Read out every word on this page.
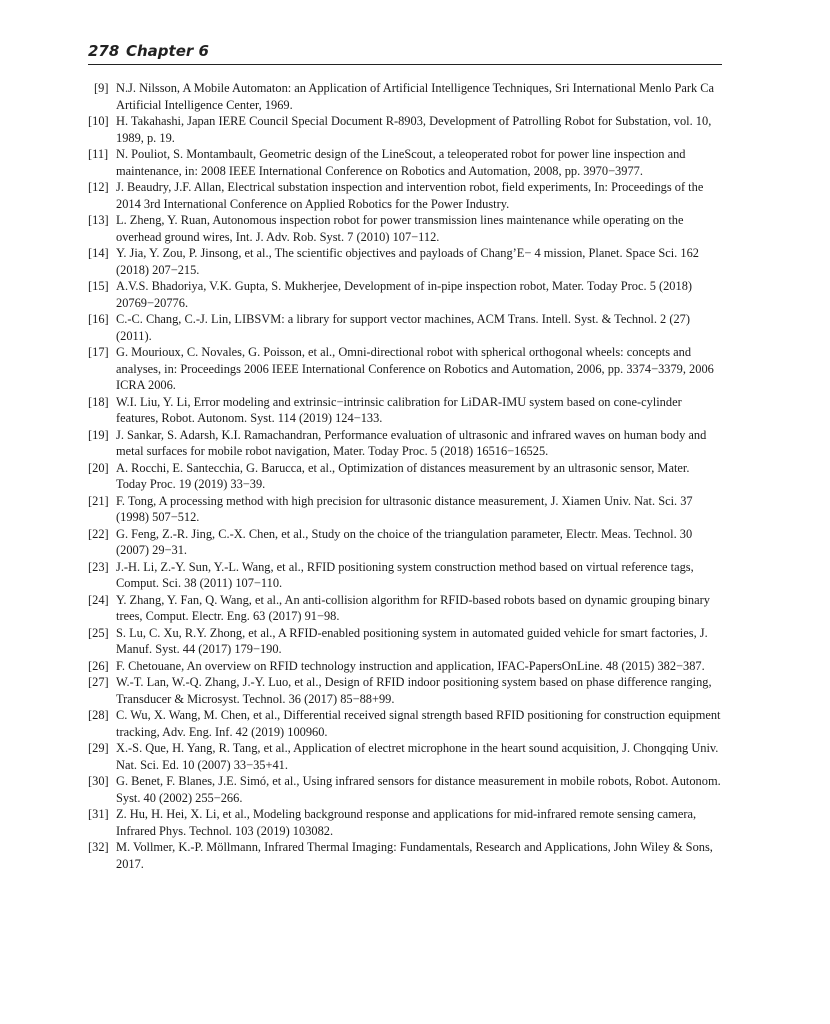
278 Chapter 6
[9] N.J. Nilsson, A Mobile Automaton: an Application of Artificial Intelligence Techniques, Sri International Menlo Park Ca Artificial Intelligence Center, 1969.
[10] H. Takahashi, Japan IERE Council Special Document R-8903, Development of Patrolling Robot for Substation, vol. 10, 1989, p. 19.
[11] N. Pouliot, S. Montambault, Geometric design of the LineScout, a teleoperated robot for power line inspection and maintenance, in: 2008 IEEE International Conference on Robotics and Automation, 2008, pp. 3970−3977.
[12] J. Beaudry, J.F. Allan, Electrical substation inspection and intervention robot, field experiments, In: Proceedings of the 2014 3rd International Conference on Applied Robotics for the Power Industry.
[13] L. Zheng, Y. Ruan, Autonomous inspection robot for power transmission lines maintenance while operating on the overhead ground wires, Int. J. Adv. Rob. Syst. 7 (2010) 107−112.
[14] Y. Jia, Y. Zou, P. Jinsong, et al., The scientific objectives and payloads of Chang’E− 4 mission, Planet. Space Sci. 162 (2018) 207−215.
[15] A.V.S. Bhadoriya, V.K. Gupta, S. Mukherjee, Development of in-pipe inspection robot, Mater. Today Proc. 5 (2018) 20769−20776.
[16] C.-C. Chang, C.-J. Lin, LIBSVM: a library for support vector machines, ACM Trans. Intell. Syst. & Technol. 2 (27) (2011).
[17] G. Mourioux, C. Novales, G. Poisson, et al., Omni-directional robot with spherical orthogonal wheels: concepts and analyses, in: Proceedings 2006 IEEE International Conference on Robotics and Automation, 2006, pp. 3374−3379, 2006 ICRA 2006.
[18] W.I. Liu, Y. Li, Error modeling and extrinsic−intrinsic calibration for LiDAR-IMU system based on cone-cylinder features, Robot. Autonom. Syst. 114 (2019) 124−133.
[19] J. Sankar, S. Adarsh, K.I. Ramachandran, Performance evaluation of ultrasonic and infrared waves on human body and metal surfaces for mobile robot navigation, Mater. Today Proc. 5 (2018) 16516−16525.
[20] A. Rocchi, E. Santecchia, G. Barucca, et al., Optimization of distances measurement by an ultrasonic sensor, Mater. Today Proc. 19 (2019) 33−39.
[21] F. Tong, A processing method with high precision for ultrasonic distance measurement, J. Xiamen Univ. Nat. Sci. 37 (1998) 507−512.
[22] G. Feng, Z.-R. Jing, C.-X. Chen, et al., Study on the choice of the triangulation parameter, Electr. Meas. Technol. 30 (2007) 29−31.
[23] J.-H. Li, Z.-Y. Sun, Y.-L. Wang, et al., RFID positioning system construction method based on virtual reference tags, Comput. Sci. 38 (2011) 107−110.
[24] Y. Zhang, Y. Fan, Q. Wang, et al., An anti-collision algorithm for RFID-based robots based on dynamic grouping binary trees, Comput. Electr. Eng. 63 (2017) 91−98.
[25] S. Lu, C. Xu, R.Y. Zhong, et al., A RFID-enabled positioning system in automated guided vehicle for smart factories, J. Manuf. Syst. 44 (2017) 179−190.
[26] F. Chetouane, An overview on RFID technology instruction and application, IFAC-PapersOnLine. 48 (2015) 382−387.
[27] W.-T. Lan, W.-Q. Zhang, J.-Y. Luo, et al., Design of RFID indoor positioning system based on phase difference ranging, Transducer & Microsyst. Technol. 36 (2017) 85−88+99.
[28] C. Wu, X. Wang, M. Chen, et al., Differential received signal strength based RFID positioning for construction equipment tracking, Adv. Eng. Inf. 42 (2019) 100960.
[29] X.-S. Que, H. Yang, R. Tang, et al., Application of electret microphone in the heart sound acquisition, J. Chongqing Univ. Nat. Sci. Ed. 10 (2007) 33−35+41.
[30] G. Benet, F. Blanes, J.E. Simó, et al., Using infrared sensors for distance measurement in mobile robots, Robot. Autonom. Syst. 40 (2002) 255−266.
[31] Z. Hu, H. Hei, X. Li, et al., Modeling background response and applications for mid-infrared remote sensing camera, Infrared Phys. Technol. 103 (2019) 103082.
[32] M. Vollmer, K.-P. Möllmann, Infrared Thermal Imaging: Fundamentals, Research and Applications, John Wiley & Sons, 2017.
